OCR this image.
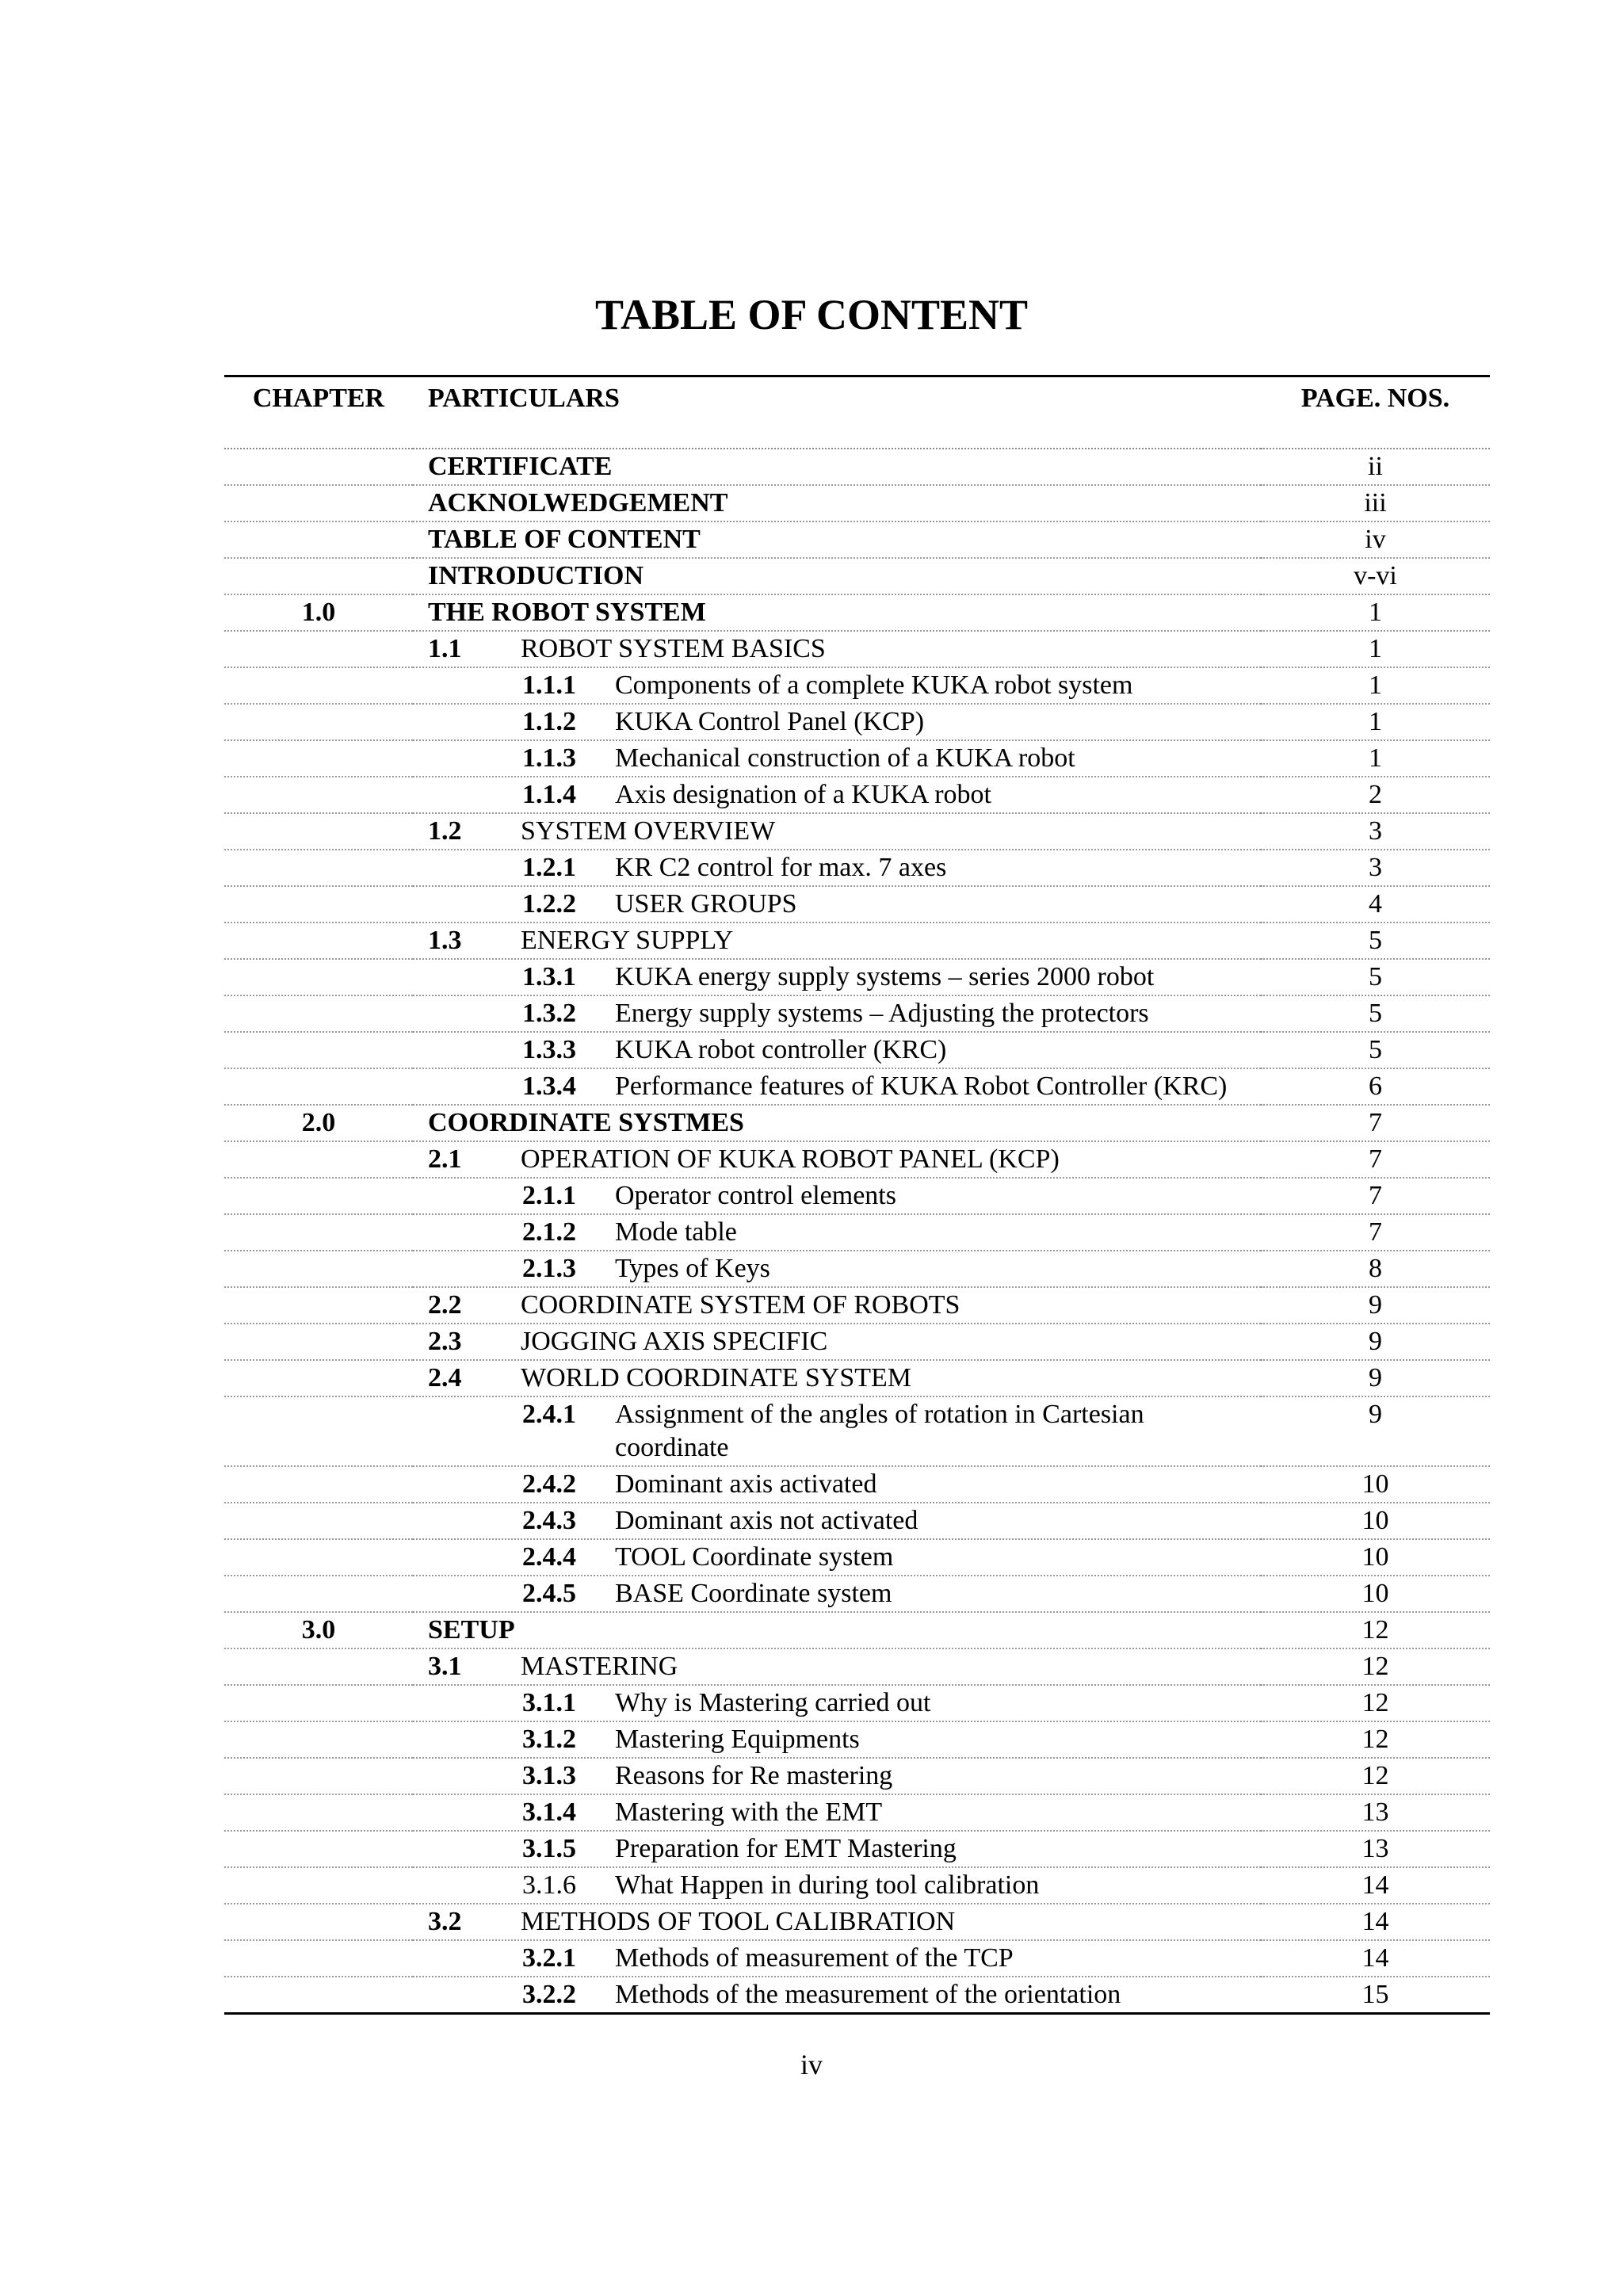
TABLE OF CONTENT
CHAPTER	PARTICULARS	PAGE. NOS.

	CERTIFICATE	ii

	ACKNOLWEDGEMENT	iii

	TABLE OF CONTENT	iv

	INTRODUCTION	v-vi
1.0	THE ROBOT SYSTEM	1

	1.1 ROBOT SYSTEM BASICS	1

	1.1.1 Components of a complete KUKA robot system	1

	1.1.2 KUKA Control Panel (KCP)	1

	1.1.3 Mechanical construction of a KUKA robot	1

	1.1.4 Axis designation of a KUKA robot	2

	1.2 SYSTEM OVERVIEW	3

	1.2.1 KR C2 control for max. 7 axes	3

	1.2.2 USER GROUPS	4

	1.3 ENERGY SUPPLY	5

	1.3.1 KUKA energy supply systems – series 2000 robot	5

	1.3.2 Energy supply systems – Adjusting the protectors	5

	1.3.3 KUKA robot controller (KRC)	5

	1.3.4 Performance features of KUKA Robot Controller (KRC)	6
2.0	COORDINATE SYSTMES	7

	2.1 OPERATION OF KUKA ROBOT PANEL (KCP)	7

	2.1.1 Operator control elements	7

	2.1.2 Mode table	7

	2.1.3 Types of Keys	8

	2.2 COORDINATE SYSTEM OF ROBOTS	9

	2.3 JOGGING AXIS SPECIFIC	9

	2.4 WORLD COORDINATE SYSTEM	9

	2.4.1 Assignment of the angles of rotation in Cartesian coordinate	9

	2.4.2 Dominant axis activated	10

	2.4.3 Dominant axis not activated	10

	2.4.4 TOOL Coordinate system	10

	2.4.5 BASE Coordinate system	10
3.0	SETUP	12

	3.1 MASTERING	12

	3.1.1 Why is Mastering carried out	12

	3.1.2 Mastering Equipments	12

	3.1.3 Reasons for Re mastering	12

	3.1.4 Mastering with the EMT	13

	3.1.5 Preparation for EMT Mastering	13

	3.1.6 What Happen in during tool calibration	14

	3.2 METHODS OF TOOL CALIBRATION	14

	3.2.1 Methods of measurement of the TCP	14

	3.2.2 Methods of the measurement of the orientation	15
iv
